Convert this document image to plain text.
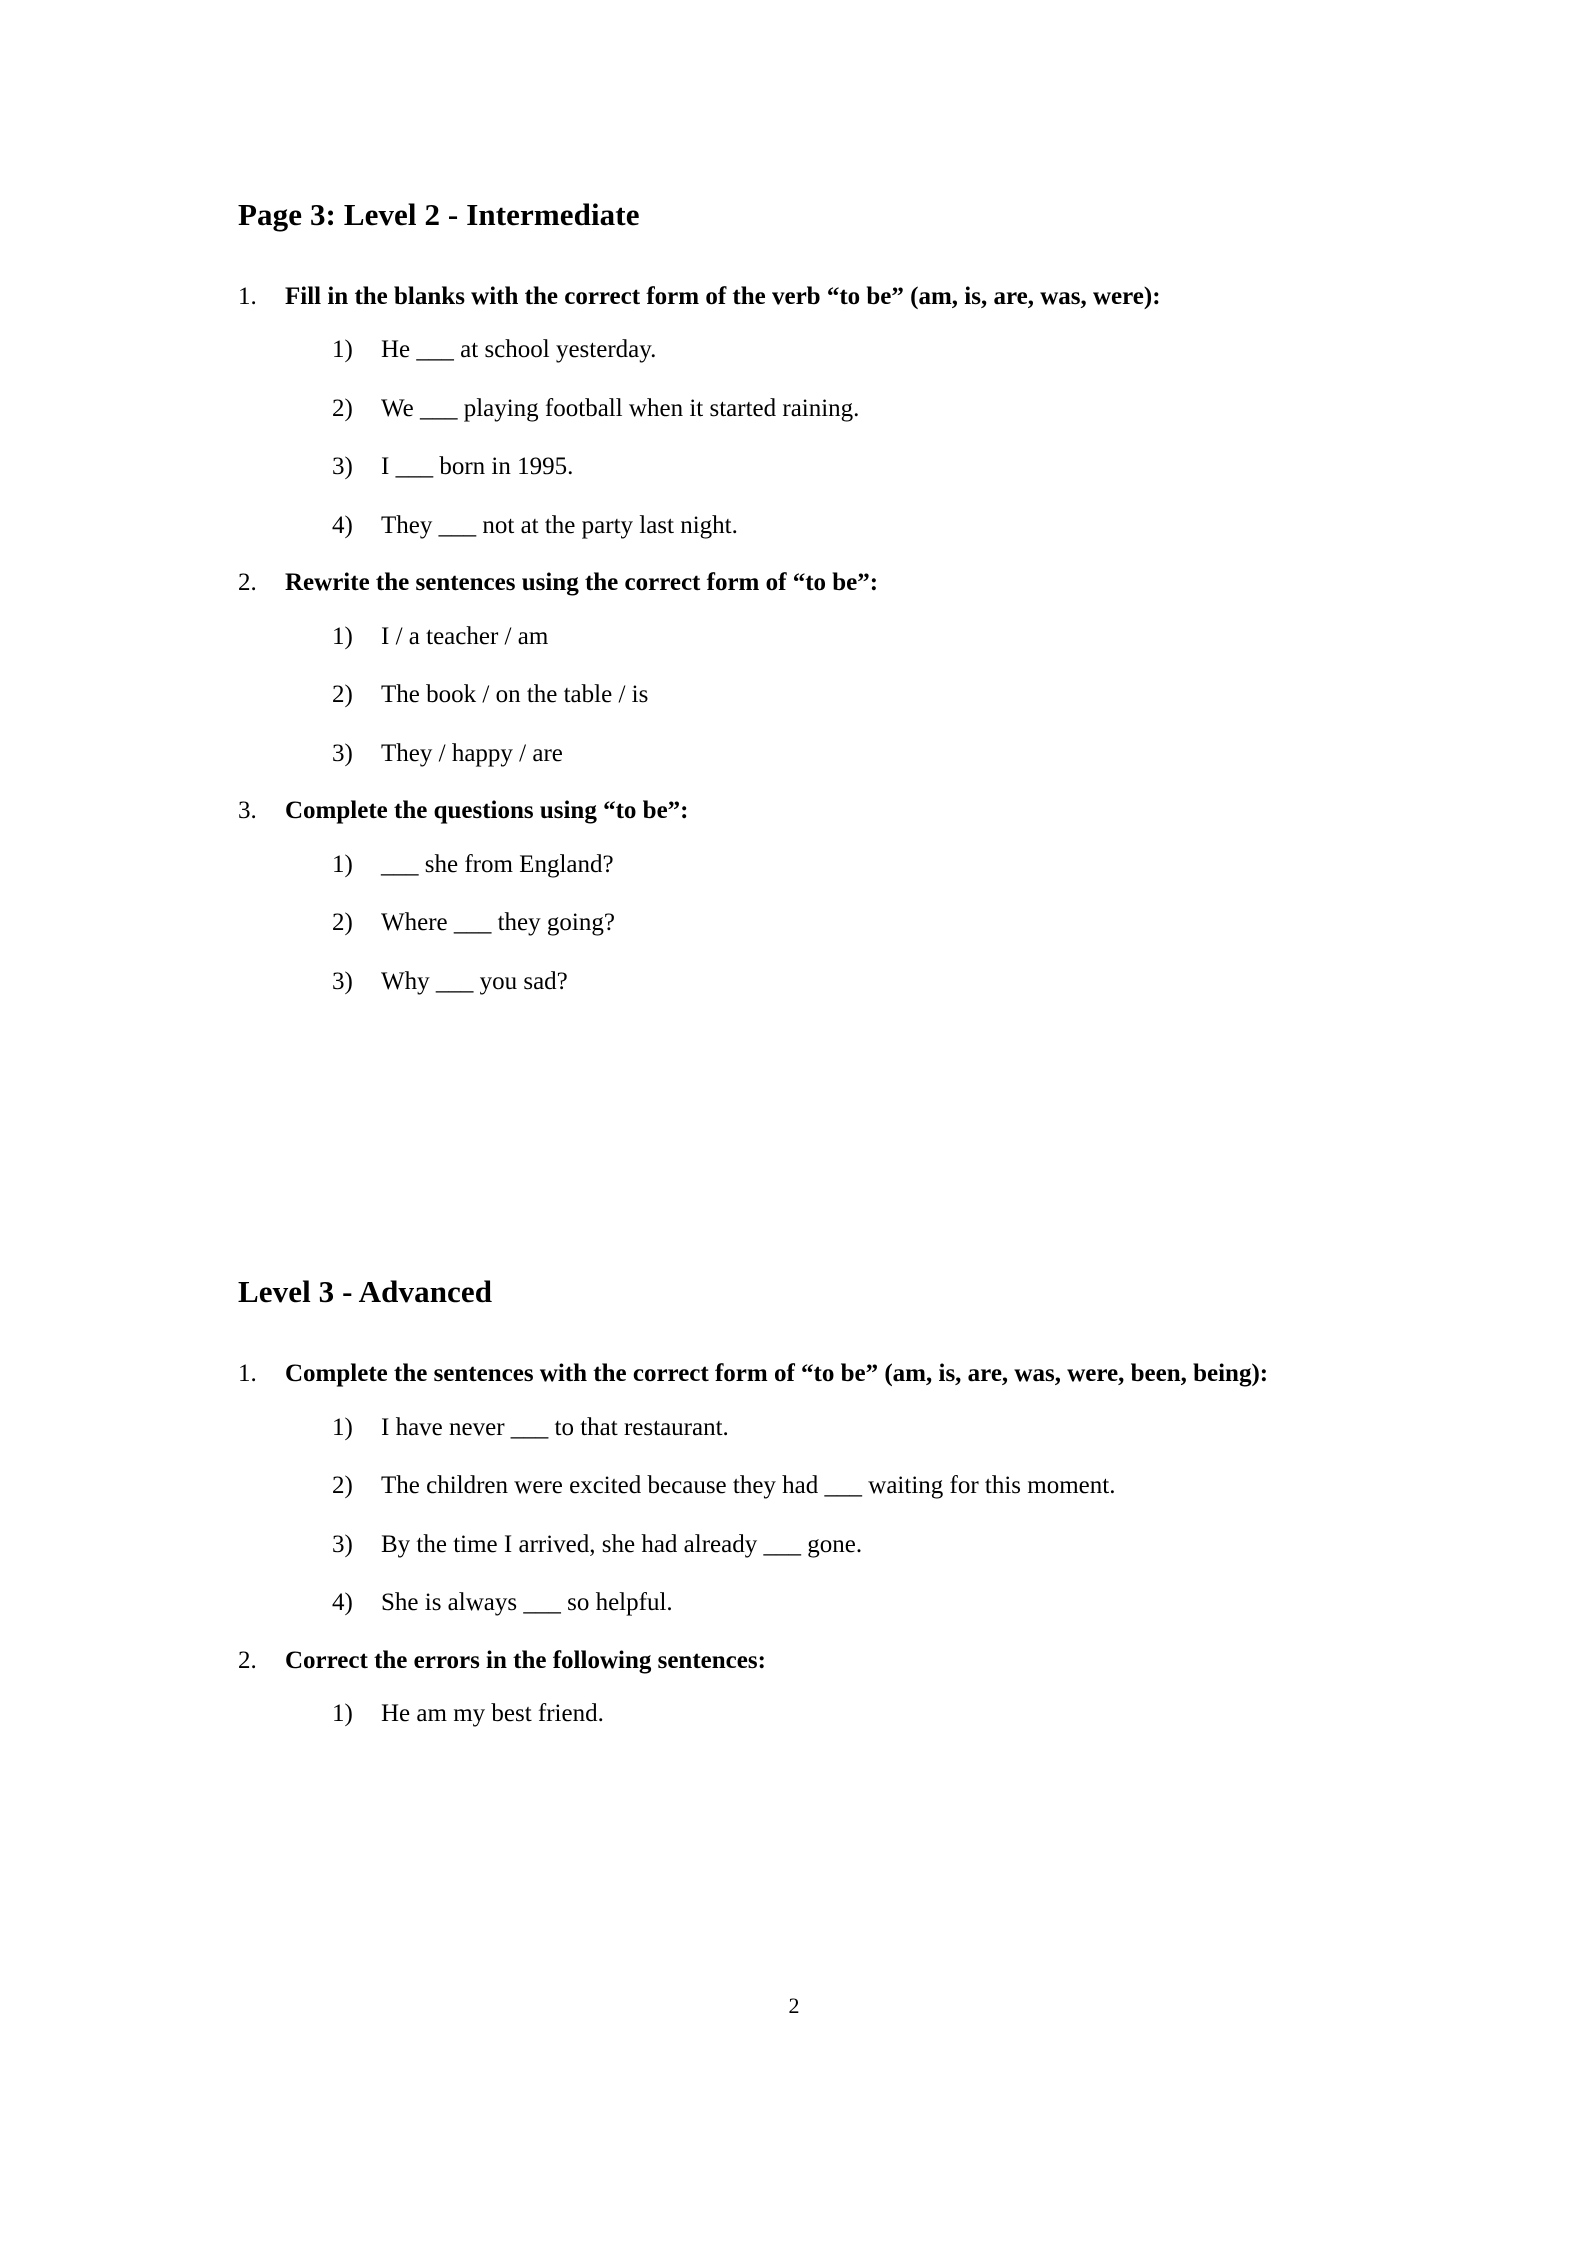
Page 3: Level 2 - Intermediate
1. Fill in the blanks with the correct form of the verb “to be” (am, is, are, was, were):

1) He ___ at school yesterday.

2) We ___ playing football when it started raining.

3) I ___ born in 1995.

4) They ___ not at the party last night.

2. Rewrite the sentences using the correct form of “to be”:

1) I / a teacher / am

2) The book / on the table / is

3) They / happy / are

3. Complete the questions using “to be”:

1) ___ she from England?

2) Where ___ they going?

3) Why ___ you sad?

Level 3 - Advanced
1. Complete the sentences with the correct form of “to be” (am, is, are, was, were, been, being):

1) I have never ___ to that restaurant.

2) The children were excited because they had ___ waiting for this moment.

3) By the time I arrived, she had already ___ gone.

4) She is always ___ so helpful.

2. Correct the errors in the following sentences:

1) He am my best friend.

2
